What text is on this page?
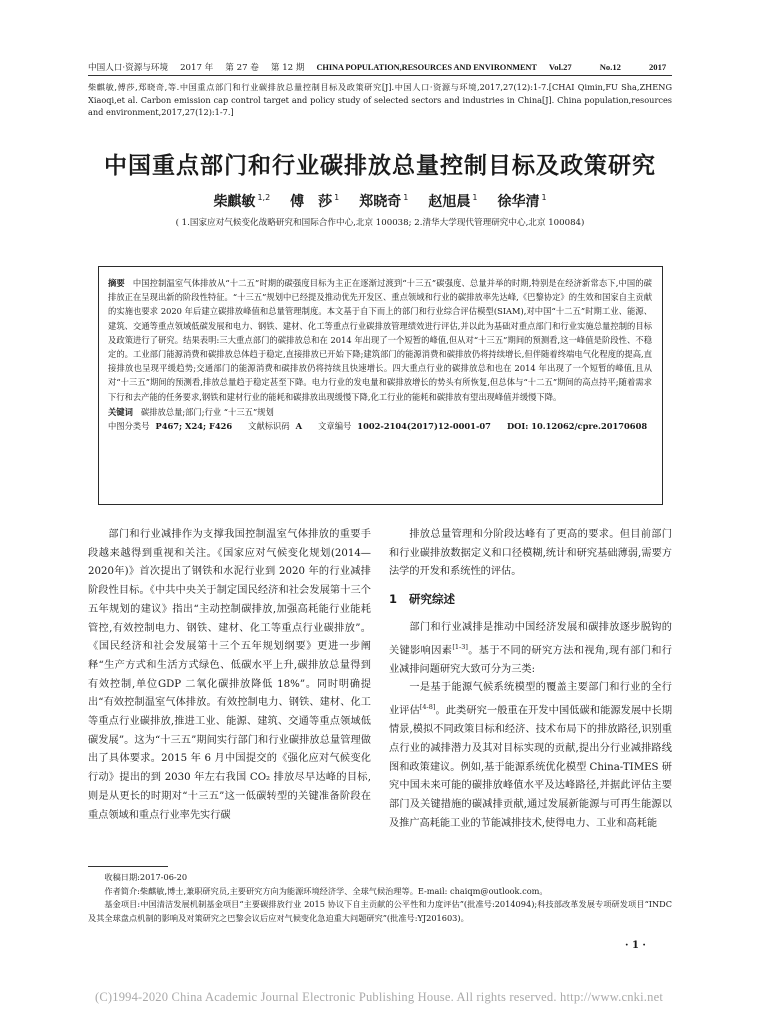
中国人口·资源与环境 2017 年 第 27 卷 第 12 期 CHINA POPULATION,RESOURCES AND ENVIRONMENT Vol.27	No.12	2017
柴麒敏,傅莎,郑晓奇,等.中国重点部门和行业碳排放总量控制目标及政策研究[J].中国人口·资源与环境,2017,27(12):1-7.[CHAI Qimin,FU Sha,ZHENG Xiaoqi,et al. Carbon emission cap control target and policy study of selected sectors and industries in China[J]. China population,resources and environment,2017,27(12):1-7.]
中国重点部门和行业碳排放总量控制目标及政策研究
柴麒敏 $^{1,2}$ 傅　莎 $^1$ 郑晓奇 $^1$ 赵旭晨 $^1$ 徐华清 $^1$
( 1.国家应对气候变化战略研究和国际合作中心,北京 100038; 2.清华大学现代管理研究中心,北京 100084)
摘要 中国控制温室气体排放从“十二五”时期的碳强度目标为主正在逐渐过渡到“十三五”碳强度、总量并举的时期,特别是在经济新常态下,中国的碳排放正在呈现出新的阶段性特征。“十三五”规划中已经提及推动优先开发区、重点领域和行业的碳排放率先达峰,《巴黎协定》的生效和国家自主贡献的实施也要求 2020 年后建立碳排放峰值和总量管理制度。本文基于自下而上的部门和行业综合评估模型(SIAM),对中国“十二五”时期工业、能源、建筑、交通等重点领域低碳发展和电力、钢铁、建材、化工等重点行业碳排放管理绩效进行评估,并以此为基础对重点部门和行业实施总量控制的目标及政策进行了研究。结果表明:三大重点部门的碳排放总和在 2014 年出现了一个短暂的峰值,但从对“十三五”期间的预测看,这一峰值是阶段性、不稳定的。工业部门能源消费和碳排放总体趋于稳定,直接排放已开始下降;建筑部门的能源消费和碳排放仍将持续增长,但伴随着终端电气化程度的提高,直接排放也呈现平缓趋势;交通部门的能源消费和碳排放仍将持续且快速增长。四大重点行业的碳排放总和也在 2014 年出现了一个短暂的峰值,且从对“十三五”期间的预测看,排放总量趋于稳定甚至下降。电力行业的发电量和碳排放增长的势头有所恢复,但总体与“十二五”期间的高点持平;随着需求下行和去产能的任务要求,钢铁和建材行业的能耗和碳排放出现缓慢下降,化工行业的能耗和碳排放有望出现峰值并缓慢下降。
关键词 碳排放总量;部门;行业 “十三五”规划
中图分类号 P467; X24; F426 文献标识码 A 文章编号 1002-2104(2017)12-0001-07 DOI: 10.12062/cpre.20170608

部门和行业减排作为支撑我国控制温室气体排放的重要手段越来越得到重视和关注。《国家应对气候变化规划(2014—2020年)》首次提出了钢铁和水泥行业到 2020 年的行业减排阶段性目标。《中共中央关于制定国民经济和社会发展第十三个五年规划的建议》指出“主动控制碳排放,加强高耗能行业能耗管控,有效控制电力、钢铁、建材、化工等重点行业碳排放”。《国民经济和社会发展第十三个五年规划纲要》更进一步阐释“生产方式和生活方式绿色、低碳水平上升,碳排放总量得到有效控制,单位GDP 二氧化碳排放降低 18%”。同时明确提出“有效控制温室气体排放。有效控制电力、钢铁、建材、化工等重点行业碳排放,推进工业、能源、建筑、交通等重点领域低碳发展”。这为“十三五”期间实行部门和行业碳排放总量管理做出了具体要求。2015 年 6 月中国提交的《强化应对气候变化行动》提出的到 2030 年左右我国 CO₂ 排放尽早达峰的目标,则是从更长的时期对“十三五”这一低碳转型的关键准备阶段在重点领域和重点行业率先实行碳

排放总量管理和分阶段达峰有了更高的要求。但目前部门和行业碳排放数据定义和口径模糊,统计和研究基础薄弱,需要方法学的开发和系统性的评估。

1 研究综述

部门和行业减排是推动中国经济发展和碳排放逐步脱钩的关键影响因素[1-3]。基于不同的研究方法和视角,现有部门和行业减排问题研究大致可分为三类:

一是基于能源气候系统模型的覆盖主要部门和行业的全行业评估[4-8]。此类研究一般重在开发中国低碳和能源发展中长期情景,模拟不同政策目标和经济、技术布局下的排放路径,识别重点行业的减排潜力及其对目标实现的贡献,提出分行业减排路线图和政策建议。例如,基于能源系统优化模型 China-TIMES 研究中国未来可能的碳排放峰值水平及达峰路径,并据此评估主要部门及关键措施的碳减排贡献,通过发展新能源与可再生能源以及推广高耗能工业的节能减排技术,使得电力、工业和高耗能

收稿日期:2017-06-20

作者简介:柴麒敏,博士,兼职研究员,主要研究方向为能源环境经济学、全球气候治理等。E-mail: chaiqm@outlook.com。

基金项目:中国清洁发展机制基金项目“主要碳排放行业 2015 协议下自主贡献的公平性和力度评估”(批准号:2014094);科技部改革发展专项研发项目“INDC 及其全球盘点机制的影响及对策研究之巴黎会议后应对气候变化急迫重大问题研究”(批准号:YJ201603)。

· 1 ·
(C)1994-2020 China Academic Journal Electronic Publishing House. All rights reserved. http://www.cnki.net
